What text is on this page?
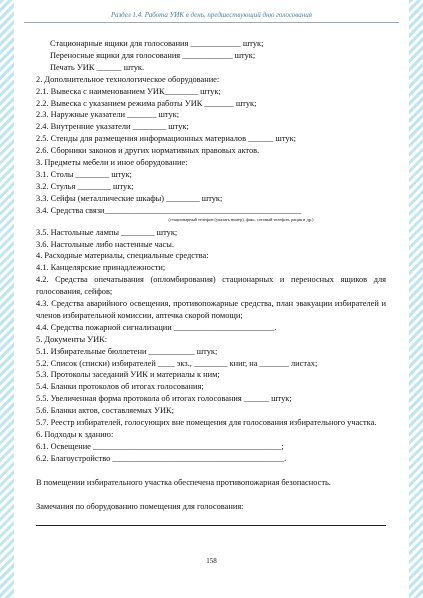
Раздел 1.4. Работа УИК в день, предшествующий дню голосования
Стационарные ящики для голосования ____________ штук;
Переносные ящики для голосования ____________ штук;
Печать УИК ______ штук.
2. Дополнительное технологическое оборудование:
2.1. Вывеска с наименованием УИК________ штук;
2.2. Вывеска с указанием режима работы УИК _______ штук;
2.3. Наружные указатели _______ штук;
2.4. Внутренние указатели ________ штук;
2.5. Стенды для размещения информационных материалов ______ штук;
2.6. Сборники законов и других нормативных правовых актов.
3. Предметы мебели и иное оборудование:
3.1. Столы ________ штук;
3.2. Стулья ________ штук;
3.3. Сейфы (металлические шкафы) ________ штук;
3.4. Средства связи_______________________________________________
(стационарный телефон (указать номер), факс, сотовый телефон, рация и др.)
3.5. Настольные лампы ________ штук;
3.6. Настольные либо настенные часы.
4. Расходные материалы, специальные средства:
4.1. Канцелярские принадлежности;
4.2. Средства опечатывания (опломбирования) стационарных и переносных ящиков для голосования, сейфов;
4.3. Средства аварийного освещения, противопожарные средства, план эвакуации избирателей и членов избирательной комиссии, аптечка скорой помощи;
4.4. Средства пожарной сигнализации ________________________.
5. Документы УИК:
5.1. Избирательные бюллетени ___________ штук;
5.2. Список (списки) избирателей ____ экз., ________ книг, на _______ листах;
5.3. Протоколы заседаний УИК и материалы к ним;
5.4. Бланки протоколов об итогах голосования;
5.5. Увеличенная форма протокола об итогах голосования ______ штук;
5.6. Бланки актов, составляемых УИК;
5.7. Реестр избирателей, голосующих вне помещения для голосования избирательного участка.
6. Подходы к зданию:
6.1. Освещение _____________________________________________;
6.2. Благоустройство _________________________________________.
В помещении избирательного участка обеспечена противопожарная безопасность.
Замечания по оборудованию помещения для голосования:
158
